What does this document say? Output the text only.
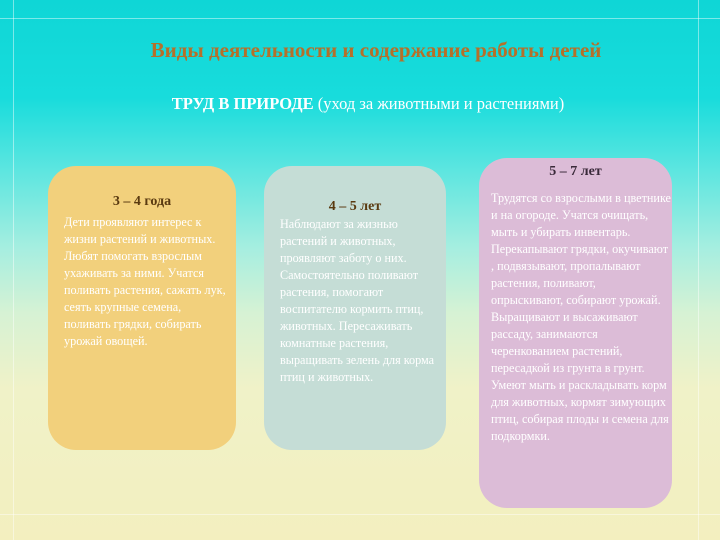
Виды деятельности и содержание работы детей

ТРУД В ПРИРОДЕ (уход за животными и растениями)

3 – 4 года

Дети проявляют интерес к жизни растений и животных. Любят помогать взрослым ухаживать за ними. Учатся поливать растения, сажать лук, сеять крупные семена, поливать грядки, собирать урожай овощей.

4 – 5 лет

Наблюдают за жизнью растений и животных, проявляют заботу о них. Самостоятельно поливают растения, помогают воспитателю кормить птиц, животных. Пересаживать комнатные растения, выращивать зелень для корма птиц и животных.

5 – 7 лет

Трудятся со взрослыми в цветнике и на огороде. Учатся очищать, мыть и убирать инвентарь. Перекапывают грядки, окучивают , подвязывают, пропалывают растения, поливают, опрыскивают, собирают урожай. Выращивают и высаживают рассаду, занимаются черенкованием растений, пересадкой из грунта в грунт. Умеют мыть и раскладывать корм для животных, кормят зимующих птиц, собирая плоды и семена для подкормки.
